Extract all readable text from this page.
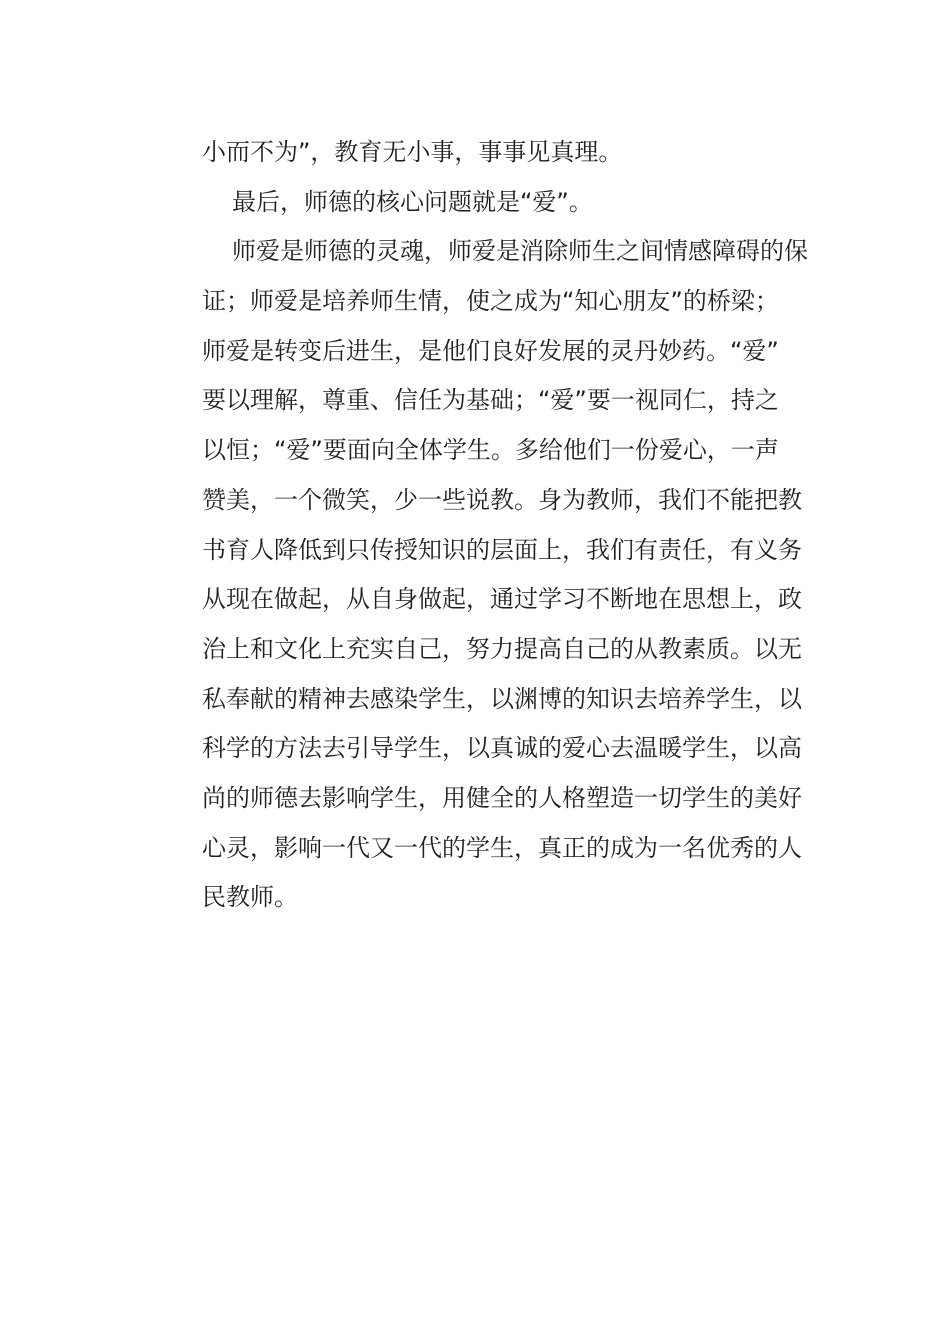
小而不为”，教育无小事，事事见真理。
最后，师德的核心问题就是“爱”。
师爱是师德的灵魂，师爱是消除师生之间情感障碍的保
证；师爱是培养师生情，使之成为“知心朋友”的桥梁；
师爱是转变后进生，是他们良好发展的灵丹妙药。“爱”
要以理解，尊重、信任为基础；“爱”要一视同仁，持之
以恒；“爱”要面向全体学生。多给他们一份爱心，一声
赞美，一个微笑，少一些说教。身为教师，我们不能把教
书育人降低到只传授知识的层面上，我们有责任，有义务
从现在做起，从自身做起，通过学习不断地在思想上，政
治上和文化上充实自己，努力提高自己的从教素质。以无
私奉献的精神去感染学生，以渊博的知识去培养学生，以
科学的方法去引导学生，以真诚的爱心去温暖学生，以高
尚的师德去影响学生，用健全的人格塑造一切学生的美好
心灵，影响一代又一代的学生，真正的成为一名优秀的人
民教师。
